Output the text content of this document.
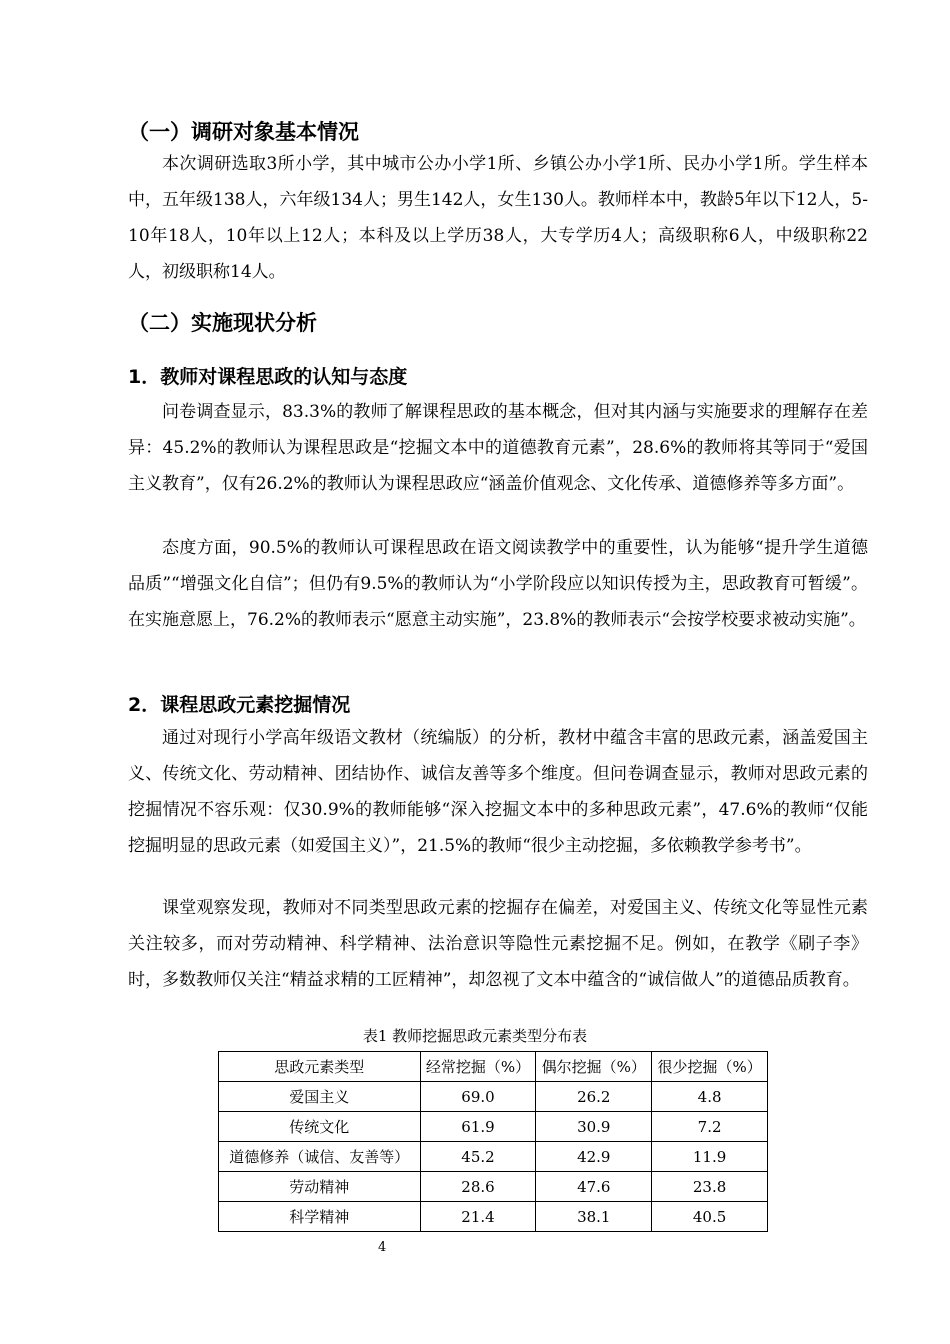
（一）调研对象基本情况
本次调研选取3所小学，其中城市公办小学1所、乡镇公办小学1所、民办小学1所。学生样本中，五年级138人，六年级134人；男生142人，女生130人。教师样本中，教龄5年以下12人，5-10年18人，10年以上12人；本科及以上学历38人，大专学历4人；高级职称6人，中级职称22人，初级职称14人。
（二）实施现状分析
1．教师对课程思政的认知与态度
问卷调查显示，83.3%的教师了解课程思政的基本概念，但对其内涵与实施要求的理解存在差异：45.2%的教师认为课程思政是“挖掘文本中的道德教育元素”，28.6%的教师将其等同于“爱国主义教育”，仅有26.2%的教师认为课程思政应“涵盖价值观念、文化传承、道德修养等多方面”。
态度方面，90.5%的教师认可课程思政在语文阅读教学中的重要性，认为能够“提升学生道德品质”“增强文化自信”；但仍有9.5%的教师认为“小学阶段应以知识传授为主，思政教育可暂缓”。在实施意愿上，76.2%的教师表示“愿意主动实施”，23.8%的教师表示“会按学校要求被动实施”。
2．课程思政元素挖掘情况
通过对现行小学高年级语文教材（统编版）的分析，教材中蕴含丰富的思政元素，涵盖爱国主义、传统文化、劳动精神、团结协作、诚信友善等多个维度。但问卷调查显示，教师对思政元素的挖掘情况不容乐观：仅30.9%的教师能够“深入挖掘文本中的多种思政元素”，47.6%的教师“仅能挖掘明显的思政元素（如爱国主义）”，21.5%的教师“很少主动挖掘，多依赖教学参考书”。
课堂观察发现，教师对不同类型思政元素的挖掘存在偏差，对爱国主义、传统文化等显性元素关注较多，而对劳动精神、科学精神、法治意识等隐性元素挖掘不足。例如，在教学《刷子李》时，多数教师仅关注“精益求精的工匠精神”，却忽视了文本中蕴含的“诚信做人”的道德品质教育。
表1 教师挖掘思政元素类型分布表
思政元素类型	经常挖掘（%）	偶尔挖掘（%）	很少挖掘（%）
爱国主义	69.0	26.2	4.8
传统文化	61.9	30.9	7.2
道德修养（诚信、友善等）	45.2	42.9	11.9
劳动精神	28.6	47.6	23.8
科学精神	21.4	38.1	40.5
4
